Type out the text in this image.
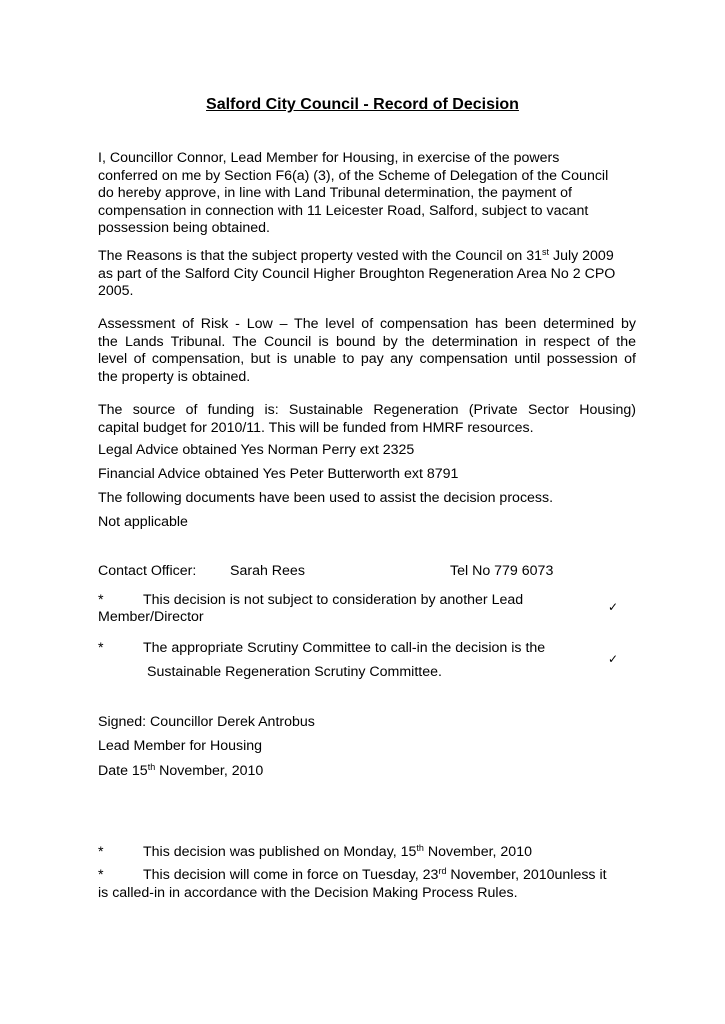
Salford City Council - Record of Decision
I, Councillor Connor, Lead Member for Housing, in exercise of the powers
conferred on me by Section F6(a) (3), of the Scheme of Delegation of the Council
do hereby approve, in line with Land Tribunal determination, the payment of
compensation in connection with 11 Leicester Road, Salford, subject to vacant
possession being obtained.
The Reasons is that the subject property vested with the Council on 31st July 2009
as part of the Salford City Council Higher Broughton Regeneration Area No 2 CPO
2005.
Assessment of Risk - Low – The level of compensation has been determined by
the Lands Tribunal. The Council is bound by the determination in respect of the
level of compensation, but is unable to pay any compensation until possession of
the property is obtained.
The source of funding is: Sustainable Regeneration (Private Sector Housing)
capital budget for 2010/11. This will be funded from HMRF resources.
Legal Advice obtained Yes Norman Perry ext 2325
Financial Advice obtained Yes Peter Butterworth ext 8791
The following documents have been used to assist the decision process.
Not applicable
Contact Officer: Sarah Rees	Tel No 779 6073
*	This decision is not subject to consideration by another Lead
Member/Director
✓
*	The appropriate Scrutiny Committee to call-in the decision is the
Sustainable Regeneration Scrutiny Committee.
✓
Signed: Councillor Derek Antrobus
Lead Member for Housing
Date 15th November, 2010
*	This decision was published on Monday, 15th November, 2010
*	This decision will come in force on Tuesday, 23rd November, 2010unless it
is called-in in accordance with the Decision Making Process Rules.
